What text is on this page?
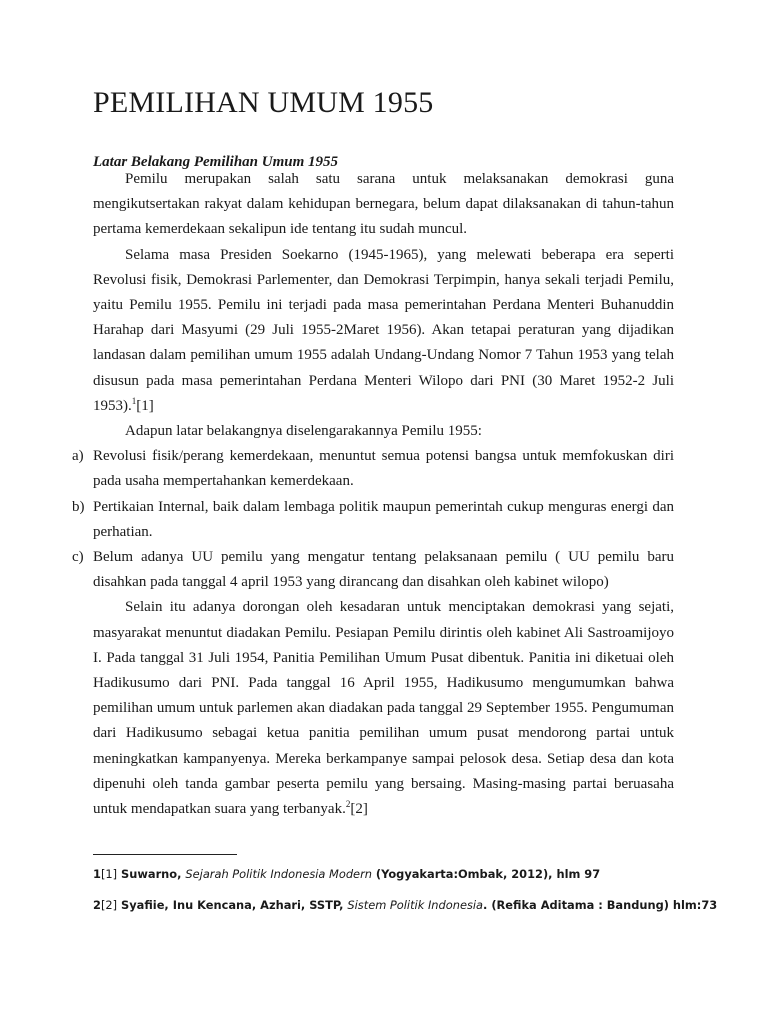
PEMILIHAN UMUM 1955
Latar Belakang Pemilihan Umum 1955

Pemilu merupakan salah satu sarana untuk melaksanakan demokrasi guna mengikutsertakan rakyat dalam kehidupan bernegara, belum dapat dilaksanakan di tahun-tahun pertama kemerdekaan sekalipun ide tentang itu sudah muncul.

Selama masa Presiden Soekarno (1945-1965), yang melewati beberapa era seperti Revolusi fisik, Demokrasi Parlementer, dan Demokrasi Terpimpin, hanya sekali terjadi Pemilu, yaitu Pemilu 1955. Pemilu ini terjadi pada masa pemerintahan Perdana Menteri Buhanuddin Harahap dari Masyumi (29 Juli 1955-2Maret 1956). Akan tetapai peraturan yang dijadikan landasan dalam pemilihan umum 1955 adalah Undang-Undang Nomor 7 Tahun 1953 yang telah disusun pada masa pemerintahan Perdana Menteri Wilopo dari PNI (30 Maret 1952-2 Juli 1953).$^1$[1]

Adapun latar belakangnya diselengarakannya Pemilu 1955:

a) Revolusi fisik/perang kemerdekaan, menuntut semua potensi bangsa untuk memfokuskan diri pada usaha mempertahankan kemerdekaan.
b) Pertikaian Internal, baik dalam lembaga politik maupun pemerintah cukup menguras energi dan perhatian.
c) Belum adanya UU pemilu yang mengatur tentang pelaksanaan pemilu ( UU pemilu baru disahkan pada tanggal 4 april 1953 yang dirancang dan disahkan oleh kabinet wilopo)

Selain itu adanya dorongan oleh kesadaran untuk menciptakan demokrasi yang sejati, masyarakat menuntut diadakan Pemilu. Pesiapan Pemilu dirintis oleh kabinet Ali Sastroamijoyo I. Pada tanggal 31 Juli 1954, Panitia Pemilihan Umum Pusat dibentuk. Panitia ini diketuai oleh Hadikusumo dari PNI. Pada tanggal 16 April 1955, Hadikusumo mengumumkan bahwa pemilihan umum untuk parlemen akan diadakan pada tanggal 29 September 1955. Pengumuman dari Hadikusumo sebagai ketua panitia pemilihan umum pusat mendorong partai untuk meningkatkan kampanyenya. Mereka berkampanye sampai pelosok desa. Setiap desa dan kota dipenuhi oleh tanda gambar peserta pemilu yang bersaing. Masing-masing partai beruasaha untuk mendapatkan suara yang terbanyak.$^2$[2]

1[1] Suwarno, Sejarah Politik Indonesia Modern (Yogyakarta:Ombak, 2012), hlm 97

2[2] Syafiie, Inu Kencana, Azhari, SSTP, Sistem Politik Indonesia. (Refika Aditama : Bandung) hlm:73
